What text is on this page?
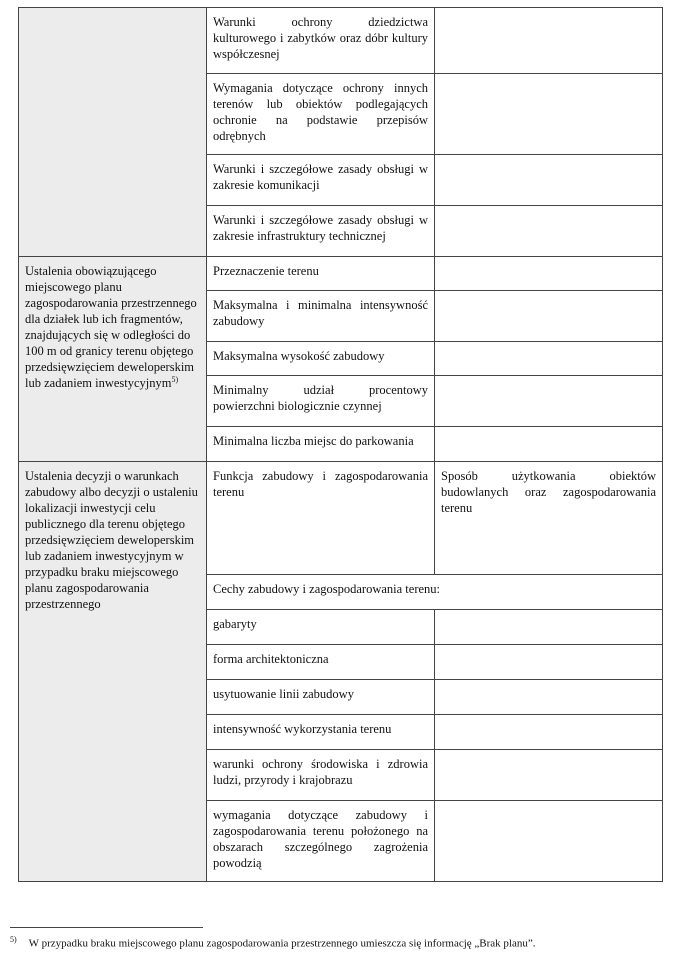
	Warunki ochrony dziedzictwa kulturowego i zabytków oraz dóbr kultury współczesnej	
	Wymagania dotyczące ochrony innych terenów lub obiektów podlegających ochronie na podstawie przepisów odrębnych	
	Warunki i szczegółowe zasady obsługi w zakresie komunikacji	
	Warunki i szczegółowe zasady obsługi w zakresie infrastruktury technicznej	
Ustalenia obowiązującego miejscowego planu zagospodarowania przestrzennego dla działek lub ich fragmentów, znajdujących się w odległości do 100 m od granicy terenu objętego przedsięwzięciem deweloperskim lub zadaniem inwestycyjnym$^{5)}$	Przeznaczenie terenu	
	Maksymalna i minimalna intensywność zabudowy	
	Maksymalna wysokość zabudowy	
	Minimalny udział procentowy powierzchni biologicznie czynnej	
	Minimalna liczba miejsc do parkowania	
Ustalenia decyzji o warunkach zabudowy albo decyzji o ustaleniu lokalizacji inwestycji celu publicznego dla terenu objętego przedsięwzięciem deweloperskim lub zadaniem inwestycyjnym w przypadku braku miejscowego planu zagospodarowania przestrzennego	Funkcja zabudowy i zagospodarowania terenu	Sposób użytkowania obiektów budowlanych oraz zagospodarowania terenu
	Cechy zabudowy i zagospodarowania terenu:	
	gabaryty	
	forma architektoniczna	
	usytuowanie linii zabudowy	
	intensywność wykorzystania terenu	
	warunki ochrony środowiska i zdrowia ludzi, przyrody i krajobrazu	
	wymagania dotyczące zabudowy i zagospodarowania terenu położonego na obszarach szczególnego zagrożenia powodzią	
$^{5)}$ W przypadku braku miejscowego planu zagospodarowania przestrzennego umieszcza się informację „Brak planu”.
